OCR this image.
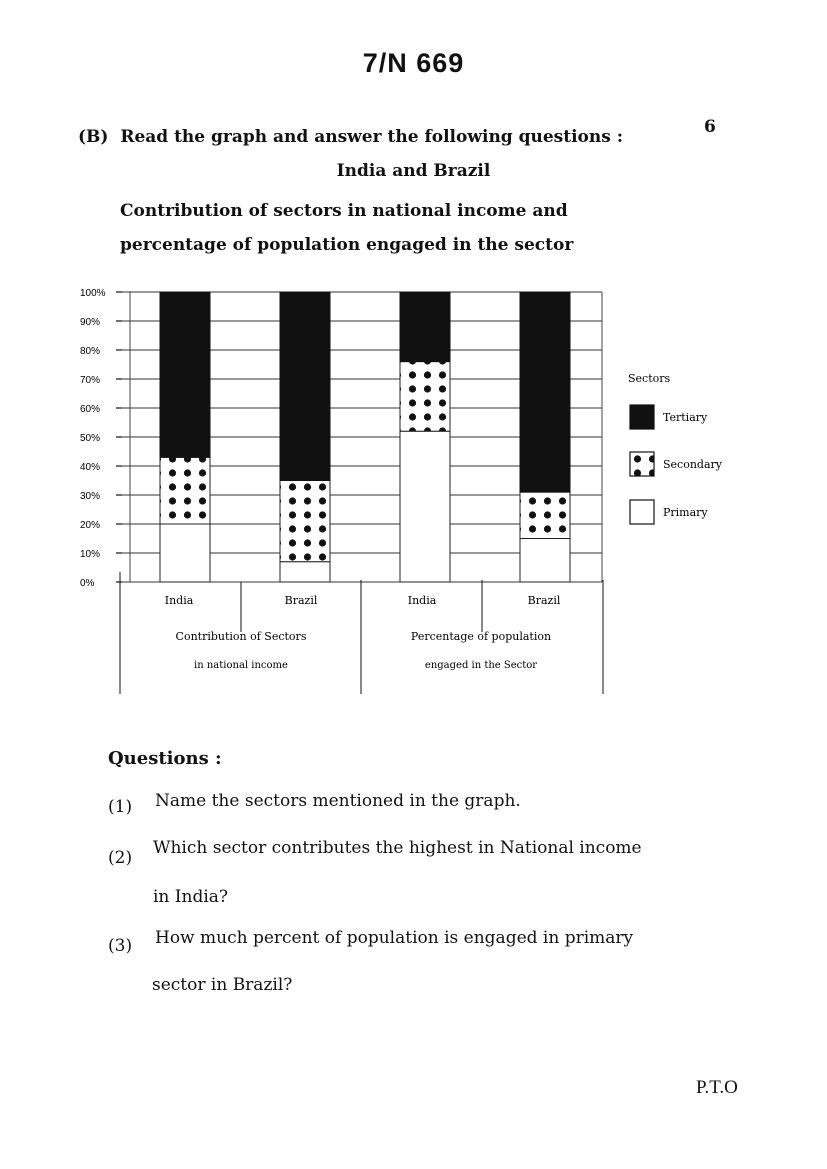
7/N 669
(B) Read the graph and answer the following questions :	6
India and Brazil
Contribution of sectors in national income and
percentage of population engaged in the sector
0%
10%
20%
30%
40%
50%
60%
70%
80%
90%
100%
India	Brazil	India	Brazil
Contribution of Sectors
in national income
Percentage of population
engaged in the Sector
Sectors
Tertiary
Secondary
Primary
Questions :
(1) Name the sectors mentioned in the graph.
(2) Which sector contributes the highest in National income
in India?
(3) How much percent of population is engaged in primary
sector in Brazil?
P.T.O
